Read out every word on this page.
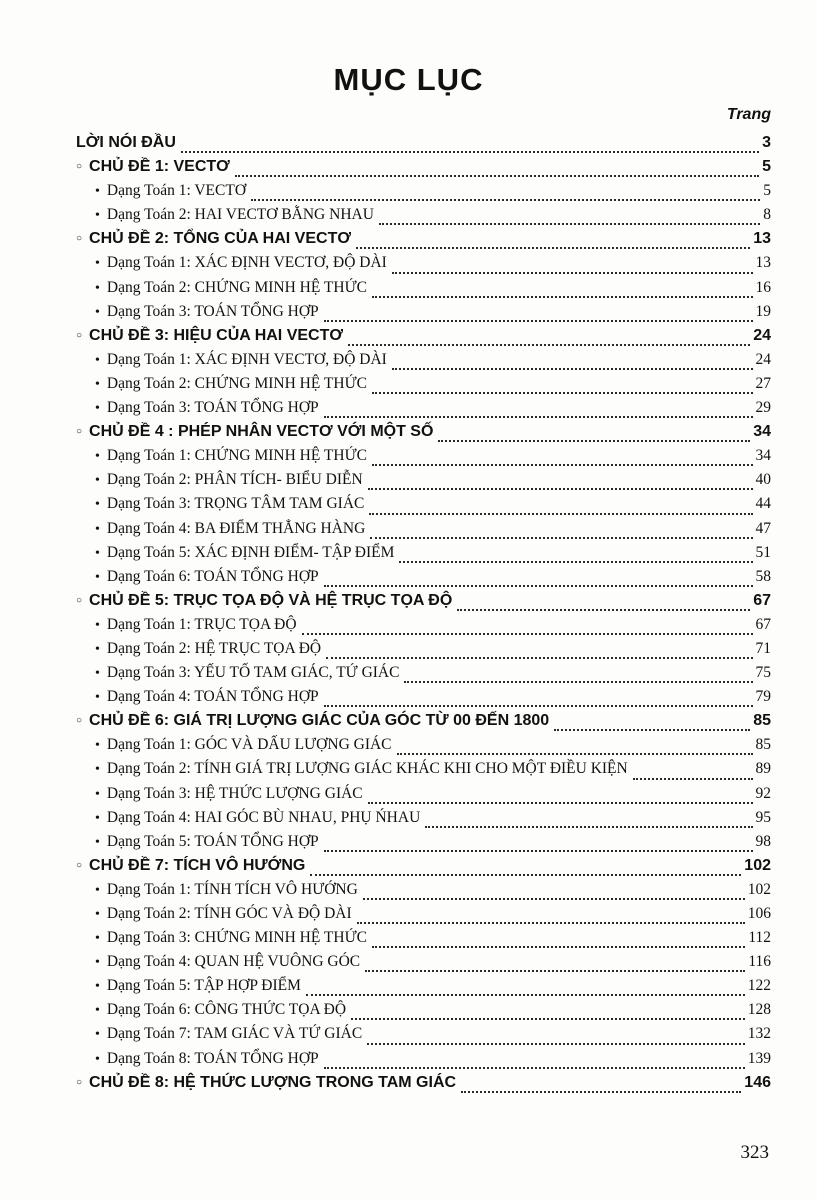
MỤC LỤC
Trang
LỜI NÓI ĐẦU	3
○ CHỦ ĐỀ 1: VECTƠ	5
• Dạng Toán 1: VECTƠ	5
• Dạng Toán 2: HAI VECTƠ BẰNG NHAU	8
○ CHỦ ĐỀ 2: TỔNG CỦA HAI VECTƠ	13
• Dạng Toán 1: XÁC ĐỊNH VECTƠ, ĐỘ DÀI	13
• Dạng Toán 2: CHỨNG MINH HỆ THỨC	16
• Dạng Toán 3: TOÁN TỔNG HỢP	19
○ CHỦ ĐỀ 3: HIỆU CỦA HAI VECTƠ	24
• Dạng Toán 1: XÁC ĐỊNH VECTƠ, ĐỘ DÀI	24
• Dạng Toán 2: CHỨNG MINH HỆ THỨC	27
• Dạng Toán 3: TOÁN TỔNG HỢP	29
○ CHỦ ĐỀ 4 : PHÉP NHÂN VECTƠ VỚI MỘT SỐ	34
• Dạng Toán 1: CHỨNG MINH HỆ THỨC	34
• Dạng Toán 2: PHÂN TÍCH- BIỂU DIỄN	40
• Dạng Toán 3: TRỌNG TÂM TAM GIÁC	44
• Dạng Toán 4: BA ĐIỂM THẲNG HÀNG	47
• Dạng Toán 5: XÁC ĐỊNH ĐIỂM- TẬP ĐIỂM	51
• Dạng Toán 6: TOÁN TỔNG HỢP	58
○ CHỦ ĐỀ 5: TRỤC TỌA ĐỘ VÀ HỆ TRỤC TỌA ĐỘ	67
• Dạng Toán 1: TRỤC TỌA ĐỘ	67
• Dạng Toán 2: HỆ TRỤC TỌA ĐỘ	71
• Dạng Toán 3: YẾU TỐ TAM GIÁC, TỨ GIÁC	75
• Dạng Toán 4: TOÁN TỔNG HỢP	79
○ CHỦ ĐỀ 6: GIÁ TRỊ LƯỢNG GIÁC CỦA GÓC TỪ 00 ĐẾN 1800	85
• Dạng Toán 1: GÓC VÀ DẤU LƯỢNG GIÁC	85
• Dạng Toán 2: TÍNH GIÁ TRỊ LƯỢNG GIÁC KHÁC KHI CHO MỘT ĐIỀU KIỆN	89
• Dạng Toán 3: HỆ THỨC LƯỢNG GIÁC	92
• Dạng Toán 4: HAI GÓC BÙ NHAU, PHỤ ŃHAU	95
• Dạng Toán 5: TOÁN TỔNG HỢP	98
○ CHỦ ĐỀ 7: TÍCH VÔ HƯỚNG	102
• Dạng Toán 1: TÍNH TÍCH VÔ HƯỚNG	102
• Dạng Toán 2: TÍNH GÓC VÀ ĐỘ DÀI	106
• Dạng Toán 3: CHỨNG MINH HỆ THỨC	112
• Dạng Toán 4: QUAN HỆ VUÔNG GÓC	116
• Dạng Toán 5: TẬP HỢP ĐIỂM	122
• Dạng Toán 6: CÔNG THỨC TỌA ĐỘ	128
• Dạng Toán 7: TAM GIÁC VÀ TỨ GIÁC	132
• Dạng Toán 8: TOÁN TỔNG HỢP	139
○ CHỦ ĐỀ 8: HỆ THỨC LƯỢNG TRONG TAM GIÁC	146
323
